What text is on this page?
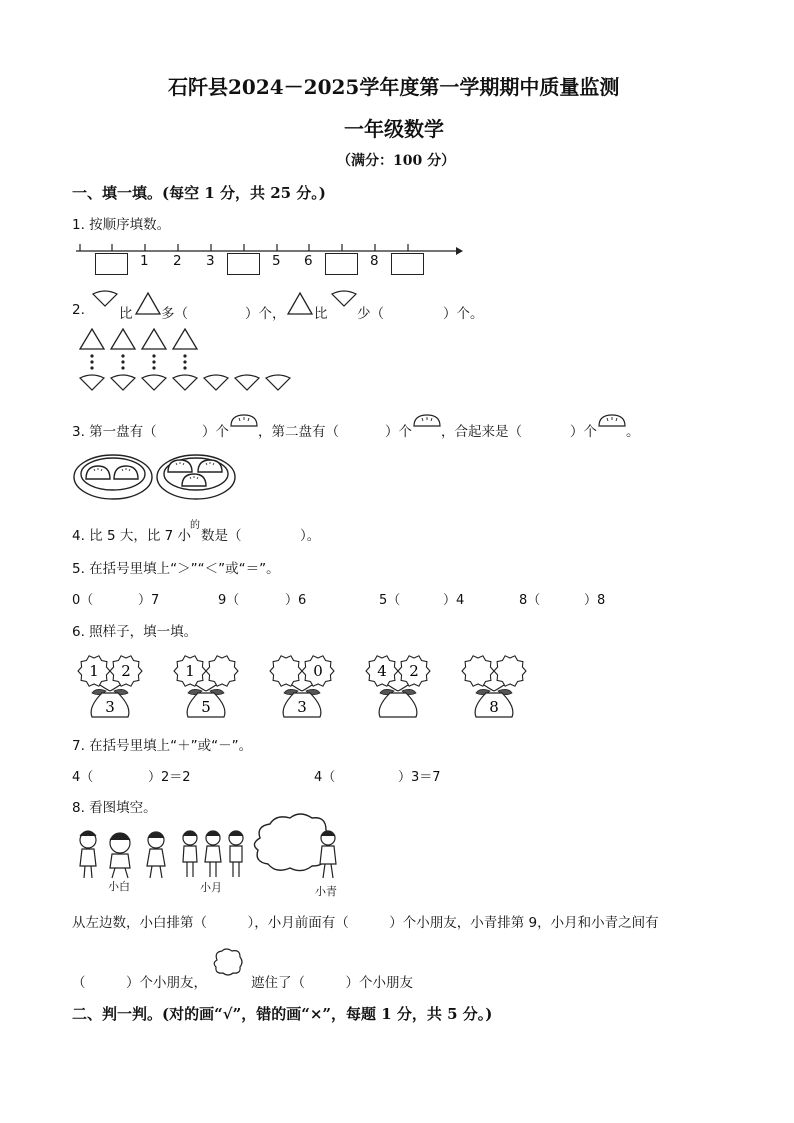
石阡县2024－2025学年度第一学期期中质量监测
一年级数学
（满分：100 分）
一、填一填。(每空 1 分，共 25 分。)
1. 按顺序填数。
1 2 3	5 6	8
2.	比 多（	）个， 比 少（	）个。
3. 第一盘有（	）个 ，第二盘有（	）个 ，合起来是（	）个 。
4. 比 5 大，比 7 小
的
数是（	）。
5. 在括号里填上“＞”“＜”或“＝”。
0（	）7	9（	）6	5（	）4	8（	）8
6. 照样子，填一填。
1 2
3
1
5
0
3
4 2
8
7. 在括号里填上“＋”或“－”。
4（	）2＝2	4（	）3＝7
8. 看图填空。
小白	小月	小青
从左边数，小白排第（　　　），小月前面有（　　　）个小朋友，小青排第 9，小月和小青之间有
（　　　）个小朋友，	遮住了（　　　）个小朋友
二、判一判。(对的画“√”，错的画“×”，每题 1 分，共 5 分。)
